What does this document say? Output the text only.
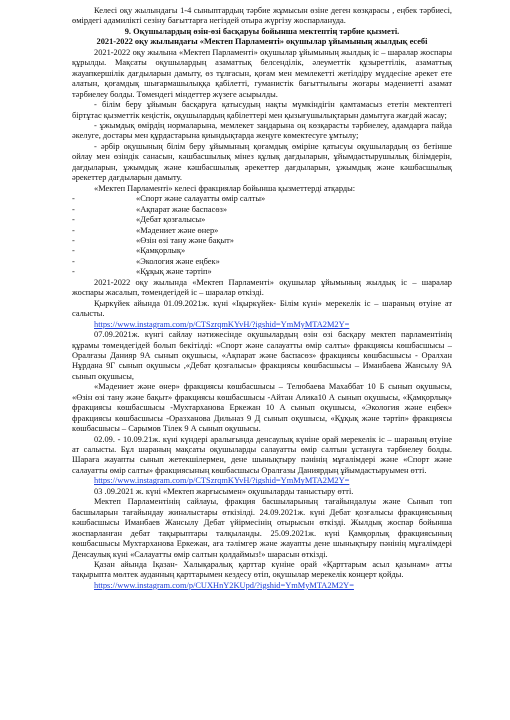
Келесі оқу жылындағы 1-4 сыныптардың тәрбие жұмысын өзіне деген көзқарасы , еңбек тәрбиесі, өмірдегі адамилікті сезіну бағыттарға негіздей отыра жүргізу жоспарлануда.

9. Оқушылардың өзін-өзі басқаруы бойынша мектептің тәрбие қызметі.

2021-2022 оқу жылындағы «Мектеп Парламенті» оқушылар ұйымының жылдық есебі

2021-2022 оқу жылына «Мектеп Парламенті» оқушылар ұйымының жылдық іс – шаралар жоспары құрылды. Мақсаты оқушылардың азаматтық белсенділік, әлеуметтік құзыреттілік, азаматтық жауапкершілік дағдыларын дамыту, өз тұлғасын, қоғам мен мемлекетті жетілдіру мүддесіне әрекет ете алатын, қоғамдық шығармашылыққа қабілетті, гуманистік бағыттылығы жоғары мәдениетті азамат тәрбиелеу болды. Төмендегі міндеттер жүзеге асырылды.

- білім беру ұйымын басқаруға қатысудың нақты мүмкіндігін қамтамасыз ететін мектептегі біртұтас қызметтік кеңістік, оқушылардың қабілеттері мен қызығушылықтарын дамытуға жағдай жасау;

- ұжымдық өмірдің нормаларына, мемлекет заңдарына оң көзқарасты тәрбиелеу, адамдарға пайда әкелуге, достары мен құрдастарына қиындықтарда жеңуге көмектесуге ұмтылу;

- әрбір оқушының білім беру ұйымының қоғамдық өміріне қатысуы оқушылардың өз бетінше ойлау мен өзіндік санасын, кәшбасшылық мінез құлық дағдыларын, ұйымдастырушылық білімдерін, дағдыларын, ұжымдық және кәшбасшылық әрекеттер дағдыларын, ұжымдық және кәшбасшылық әрекеттер дағдыларын дамыту.

«Мектеп Парламенті» келесі фракциялар бойынша қызметтерді атқарды:

-	«Спорт және салауатты өмір салты»
-	«Ақпарат және баспасөз»
-	«Дебат қозғалысы»
-	«Мәдениет және өнер»
-	«Өзін өзі тану және бақыт»
-	«Қамқорлық»
-	«Экология және еңбек»
-	«Құқық және тәртіп»

2021-2022 оқу жылында «Мектеп Парламенті» оқушылар ұйымының жылдық іс – шаралар жоспары жасалып, төмендегідей іс – шаралар өткізді.

Қыркүйек айында 01.09.2021ж. күні «Іқыркүйек- Білім күні» мерекелік іс – шараның өтуіне ат салысты.

https://www.instagram.com/p/CTSzrqmKYvH/?igshid=YmMyMTA2M2Y=

07.09.2021ж. күнгі сайлау нәтижесінде оқушылардың өзін өзі басқару мектеп парламентінің құрамы төмендегідей болып бекітілді: «Спорт және салауатты өмір салты» фракциясы көшбасшысы – Оралғазы Данияр 9А сынып оқушысы, «Ақпарат және баспасөз» фракциясы көшбасшысы - Оралхан Нұрдана 9Г сынып оқушысы ,«Дебат қозғалысы» фракциясы көшбасшысы – Иманбаева Жансылу 9А сынып оқушысы,

«Мәдениет және өнер» фракциясы көшбасшысы – Телюбаева Махаббат 10 Б сынып оқушысы, «Өзін өзі тану және бақыт» фракциясы көшбасшысы -Айтан Алика10 А сынып оқушысы, «Қамқорлық» фракциясы көшбасшысы -Мухтарханова Еркежан 10 А сынып оқушысы, «Экология және еңбек» фракциясы көшбасшысы -Оразханова Дильназ 9 Д сынып оқушысы, «Құқық және тәртіп» фракциясы көшбасшысы – Сарымов Тілек 9 А сынып оқушысы.

02.09. - 10.09.21ж. күні күндері аралығында денсаулық күніне орай мерекелік іс – шараның өтуіне ат салысты. Бұл шараның мақсаты оқушыларды салауатты өмір салтын ұстануға тәрбиелеу болды. Шараға жауапты сынып жетекшілермен, дене шынықтыру пәнінің мұғалімдері және «Спорт және салауатты өмір салты» фракциясының көшбасшысы Оралғазы Даниярдың ұйымдастыруымен өтті.

https://www.instagram.com/p/CTSzrqmKYvH/?igshid=YmMyMTA2M2Y=

03 .09.2021 ж. күні «Мектеп жарғысымен» оқушыларды таныстыру өтті.

Мектеп Парламентінің сайлауы, фракция басшыларының тағайындалуы және Сынып топ басшыларын тағайындау жиналыстары өткізілді. 24.09.2021ж. күні Дебат қозғалысы фракциясының кәшбасшысы Иманбаев Жансылу Дебат үйірмесінің отырысын өткізді. Жылдық жоспар бойынша жоспарланған дебат тақырыптары талқыланды. 25.09.2021ж. күні Қамқорлық фракциясының көшбасшысы Мухтарханова Еркежан, аға тәлімгер және жауапты дене шынықтыру пәнінің мұғалімдері Денсаулық күні «Салауатты өмір салтын қолдаймыз!» шарасын өткізді.

Қазан айында Іқазан- Халықаралық қарттар күніне орай «Қарттарым асыл қазынам» атты тақырыпта мөлтек ауданның қарттарымен кездесу өтіп, оқушылар мерекелік концерт қойды.

https://www.instagram.com/p/CUXHnY2KUpd/?igshid=YmMyMTA2M2Y=
